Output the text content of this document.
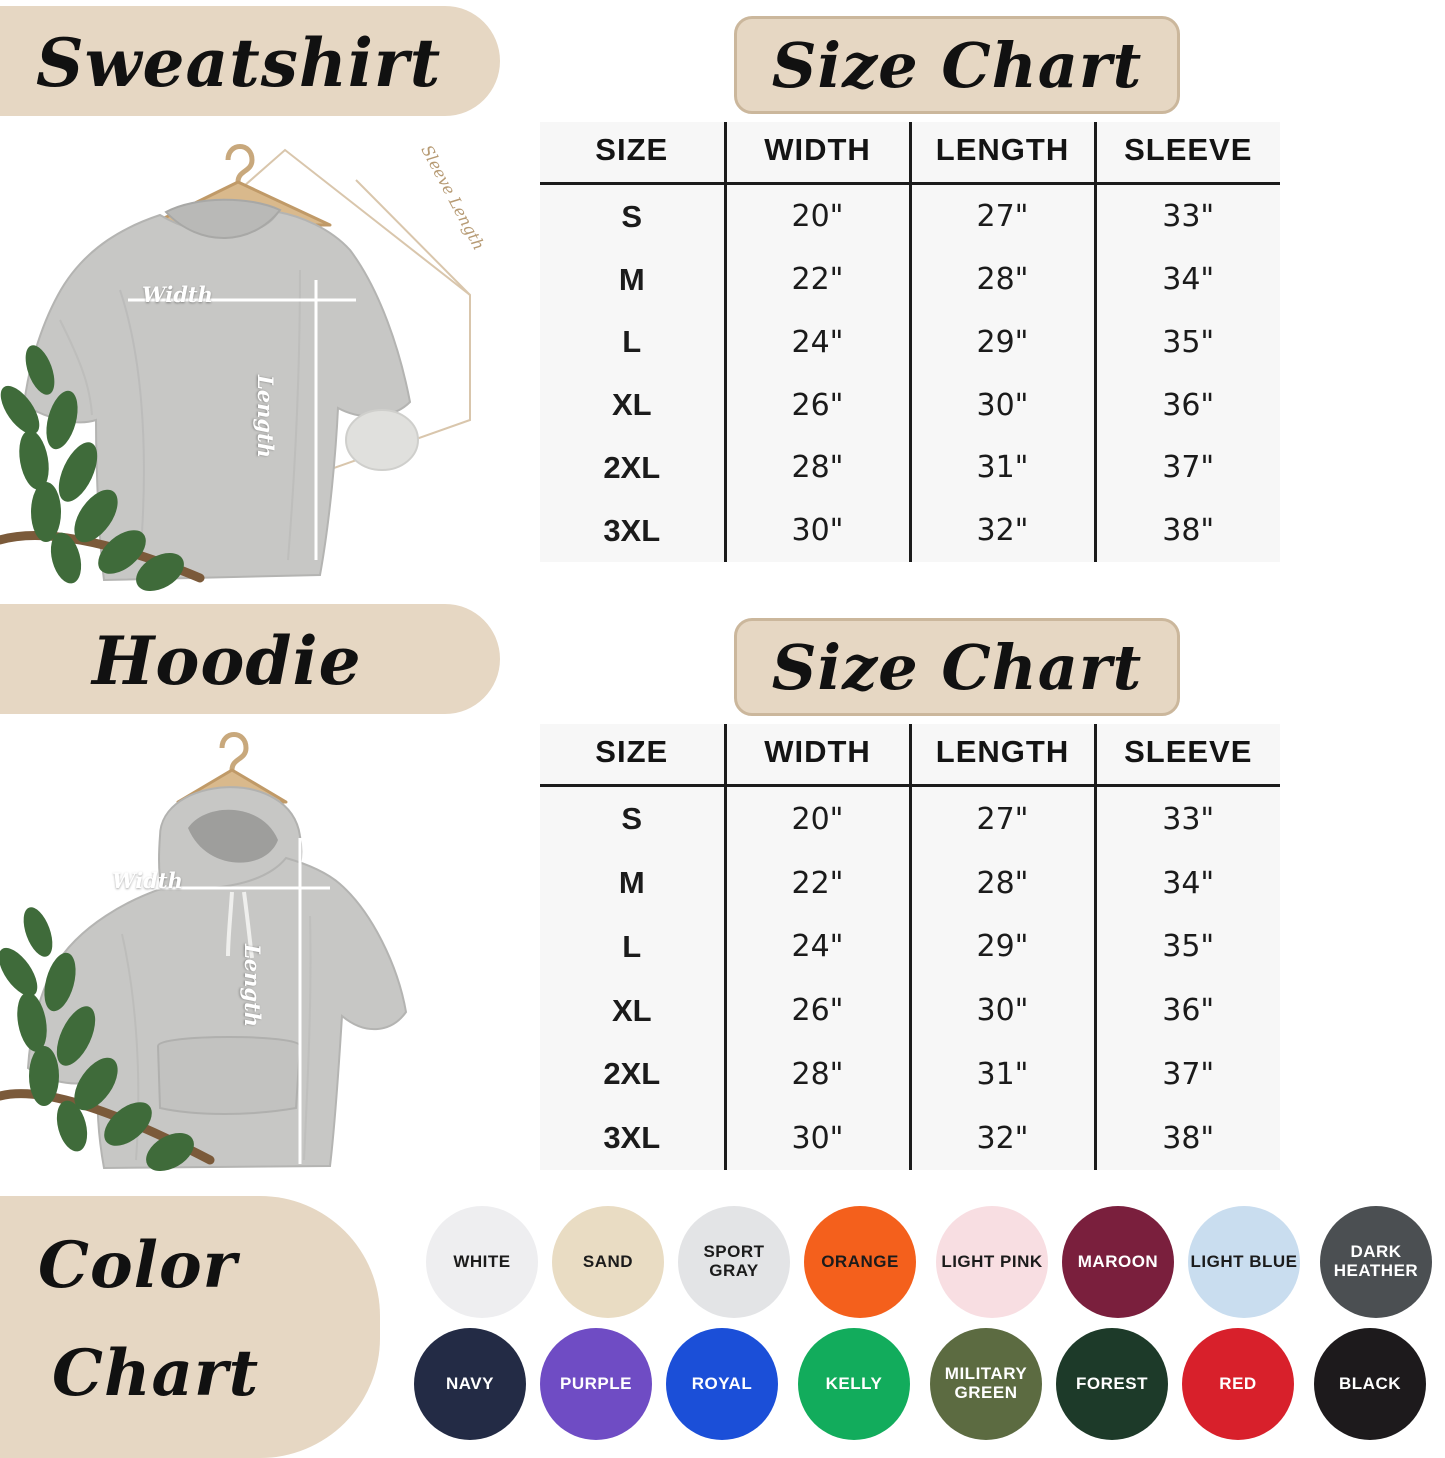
Sweatshirt	Size Chart
Width
Length
Sleeve Length	SIZE	WIDTH	LENGTH	SLEEVE
S	20"	27"	33"
M	22"	28"	34"
L	24"	29"	35"
XL	26"	30"	36"
2XL	28"	31"	37"
3XL	30"	32"	38"
Hoodie	Size Chart
Width
Length
SIZE	WIDTH	LENGTH	SLEEVE
S	20"	27"	33"
M	22"	28"	34"
L	24"	29"	35"
XL	26"	30"	36"
2XL	28"	31"	37"
3XL	30"	32"	38"
Color
Chart
WHITE	SAND	SPORT GRAY	ORANGE	LIGHT PINK MAROON LIGHT BLUE	DARK HEATHER
NAVY	PURPLE	ROYAL	KELLY	MILITARY GREEN	FOREST	RED	BLACK
